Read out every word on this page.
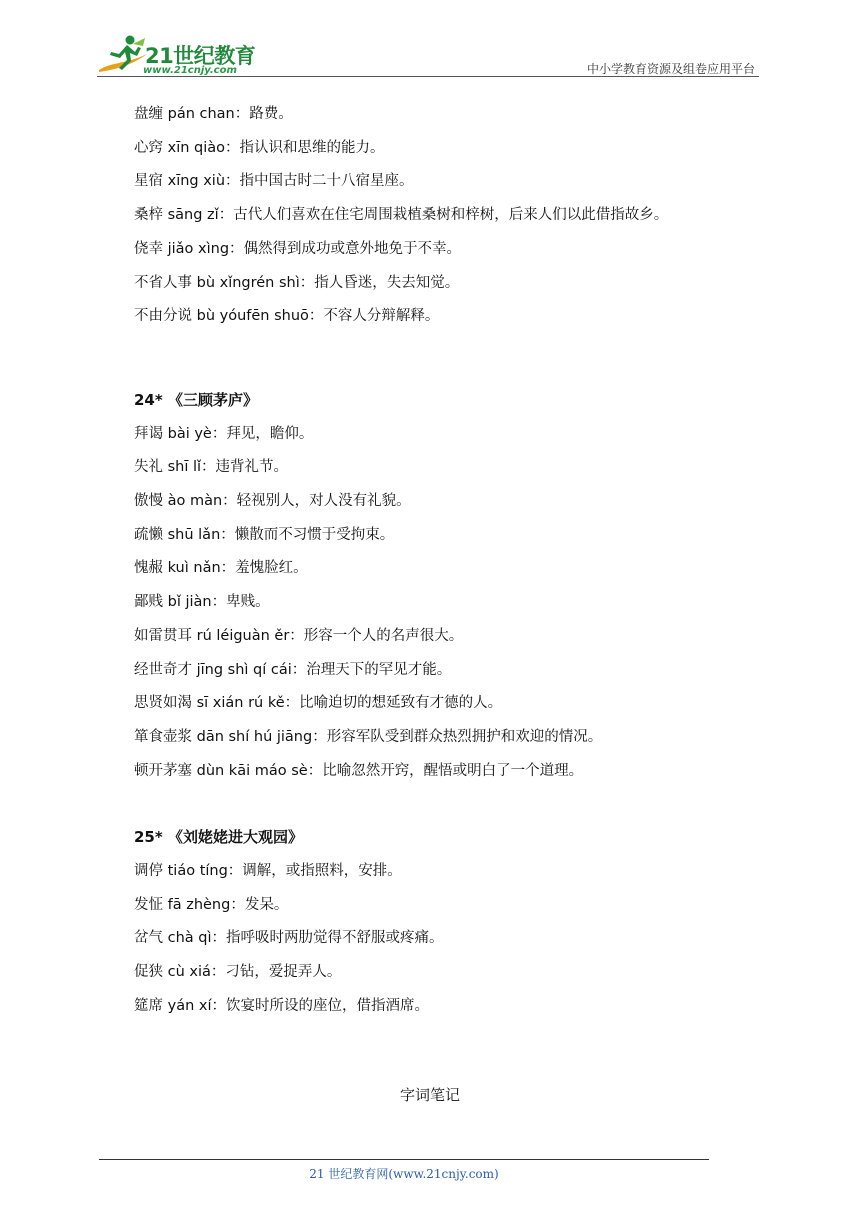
21世纪教育
www.21cnjy.com	中小学教育资源及组卷应用平台

盘缠 pán chan：路费。

心窍 xīn qiào：指认识和思维的能力。

星宿 xīng xiù：指中国古时二十八宿星座。

桑梓 sāng zǐ：古代人们喜欢在住宅周围栽植桑树和梓树，后来人们以此借指故乡。

侥幸 jiǎo xìng：偶然得到成功或意外地免于不幸。

不省人事 bù xǐngrén shì：指人昏迷，失去知觉。

不由分说 bù yóufēn shuō：不容人分辩解释。

24* 《三顾茅庐》

拜谒 bài yè：拜见，瞻仰。

失礼 shī lǐ：违背礼节。

傲慢 ào màn：轻视别人，对人没有礼貌。

疏懒 shū lǎn：懒散而不习惯于受拘束。

愧赧 kuì nǎn：羞愧脸红。

鄙贱 bǐ jiàn：卑贱。

如雷贯耳 rú léiguàn ěr：形容一个人的名声很大。

经世奇才 jīng shì qí cái：治理天下的罕见才能。

思贤如渴 sī xián rú kě：比喻迫切的想延致有才德的人。

箪食壶浆 dān shí hú jiāng：形容军队受到群众热烈拥护和欢迎的情况。

顿开茅塞 dùn kāi máo sè：比喻忽然开窍，醒悟或明白了一个道理。

25* 《刘姥姥进大观园》

调停 tiáo tíng：调解，或指照料，安排。

发怔 fā zhèng：发呆。

岔气 chà qì：指呼吸时两肋觉得不舒服或疼痛。

促狭 cù xiá：刁钻，爱捉弄人。

筵席 yán xí：饮宴时所设的座位，借指酒席。

字词笔记
21 世纪教育网(www.21cnjy.com)
